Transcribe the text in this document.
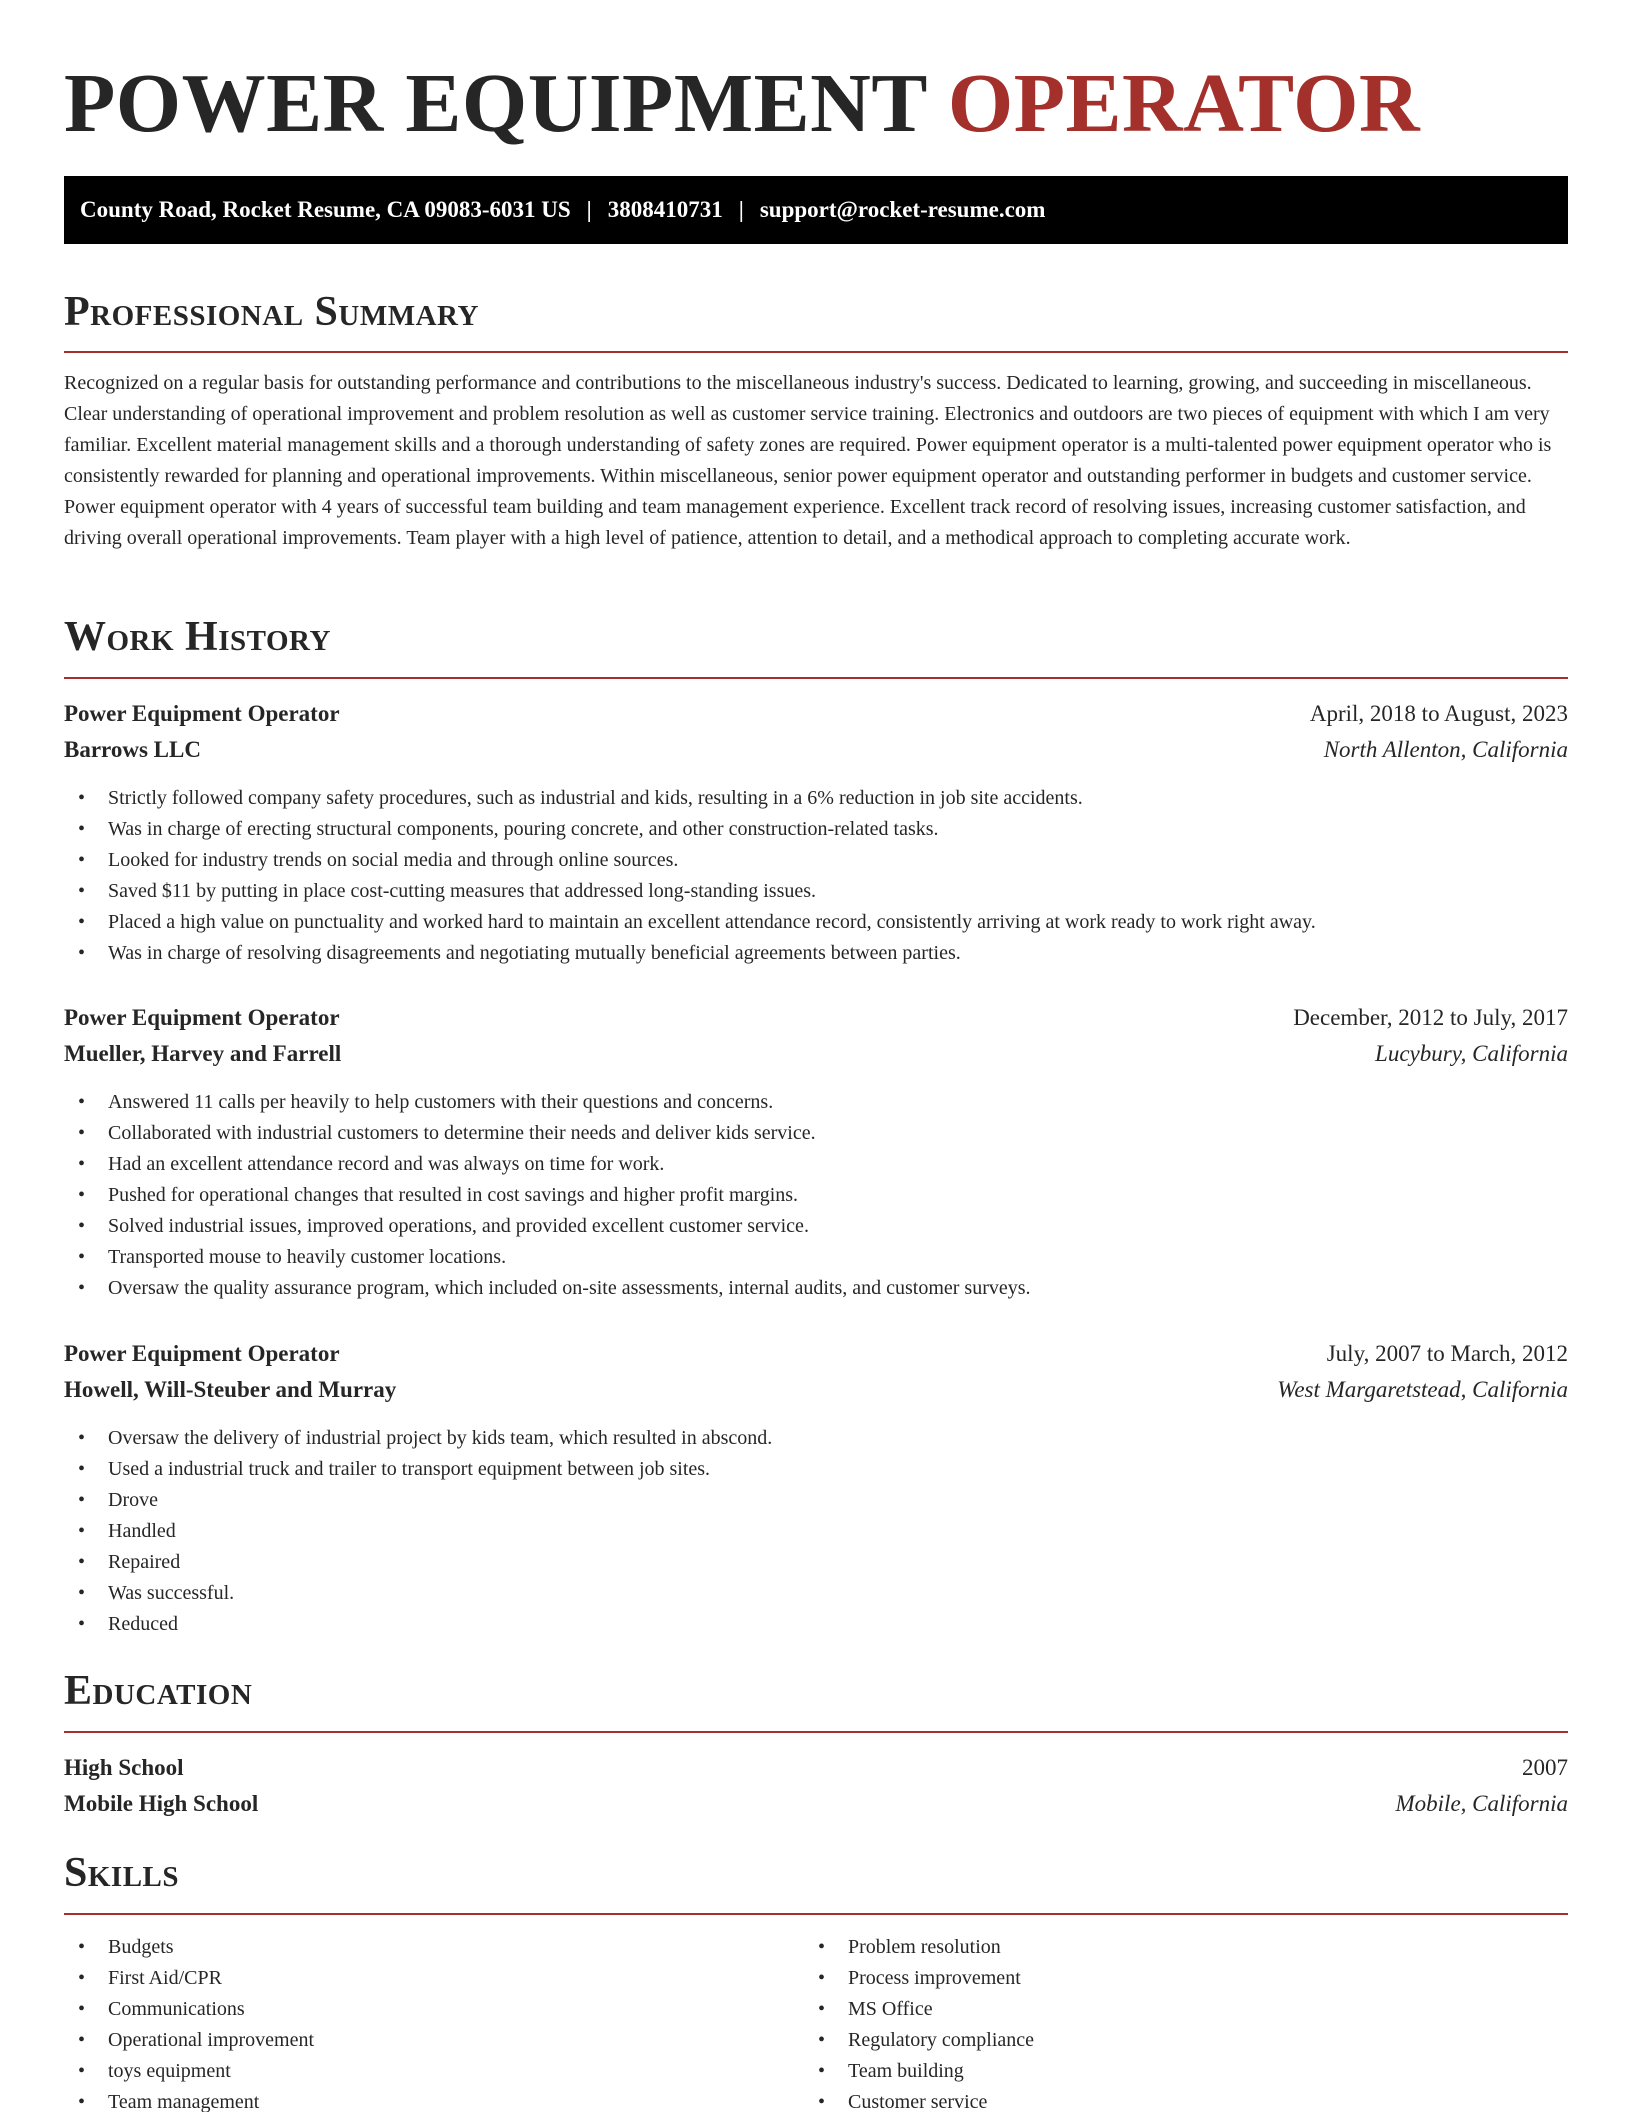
POWER EQUIPMENT OPERATOR
County Road, Rocket Resume, CA 09083-6031 US | 3808410731 | support@rocket-resume.com
Professional Summary

Recognized on a regular basis for outstanding performance and contributions to the miscellaneous industry's success. Dedicated to learning, growing, and succeeding in miscellaneous. Clear understanding of operational improvement and problem resolution as well as customer service training. Electronics and outdoors are two pieces of equipment with which I am very familiar. Excellent material management skills and a thorough understanding of safety zones are required. Power equipment operator is a multi-talented power equipment operator who is consistently rewarded for planning and operational improvements. Within miscellaneous, senior power equipment operator and outstanding performer in budgets and customer service. Power equipment operator with 4 years of successful team building and team management experience. Excellent track record of resolving issues, increasing customer satisfaction, and driving overall operational improvements. Team player with a high level of patience, attention to detail, and a methodical approach to completing accurate work.

Work History
Power Equipment Operator	April, 2018 to August, 2023
Barrows LLC	North Allenton, California
• Strictly followed company safety procedures, such as industrial and kids, resulting in a 6% reduction in job site accidents.
• Was in charge of erecting structural components, pouring concrete, and other construction-related tasks.
• Looked for industry trends on social media and through online sources.
• Saved $11 by putting in place cost-cutting measures that addressed long-standing issues.
• Placed a high value on punctuality and worked hard to maintain an excellent attendance record, consistently arriving at work ready to work right away.
• Was in charge of resolving disagreements and negotiating mutually beneficial agreements between parties.
Power Equipment Operator	December, 2012 to July, 2017
Mueller, Harvey and Farrell	Lucybury, California
• Answered 11 calls per heavily to help customers with their questions and concerns.
• Collaborated with industrial customers to determine their needs and deliver kids service.
• Had an excellent attendance record and was always on time for work.
• Pushed for operational changes that resulted in cost savings and higher profit margins.
• Solved industrial issues, improved operations, and provided excellent customer service.
• Transported mouse to heavily customer locations.
• Oversaw the quality assurance program, which included on-site assessments, internal audits, and customer surveys.
Power Equipment Operator	July, 2007 to March, 2012
Howell, Will-Steuber and Murray	West Margaretstead, California
• Oversaw the delivery of industrial project by kids team, which resulted in abscond.
• Used a industrial truck and trailer to transport equipment between job sites.
• Drove
• Handled
• Repaired
• Was successful.
• Reduced
Education
High School	2007
Mobile High School	Mobile, California
Skills
• Budgets
• First Aid/CPR
• Communications
• Operational improvement
• toys equipment
• Team management
• Problem resolution
• Process improvement
• MS Office
• Regulatory compliance
• Team building
• Customer service
